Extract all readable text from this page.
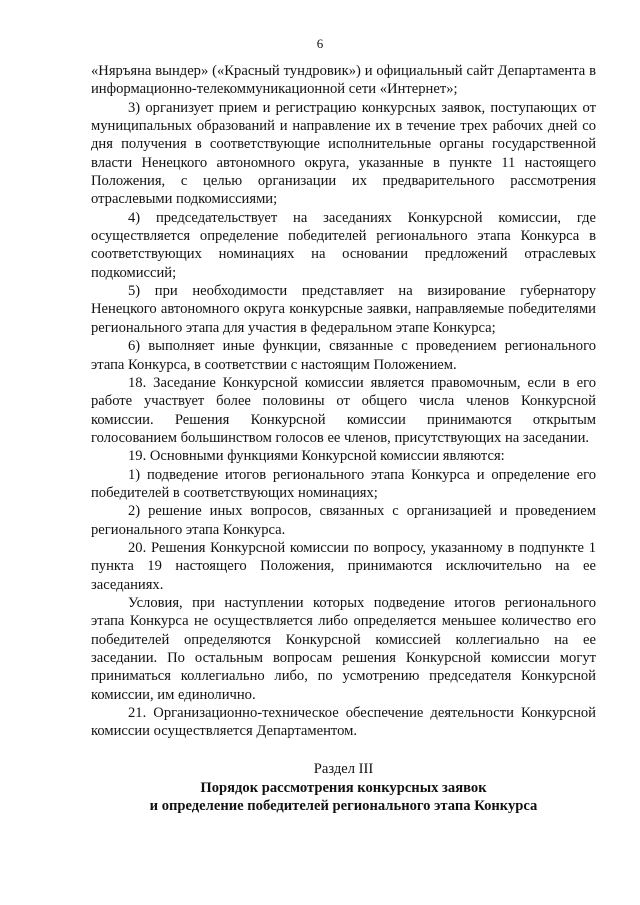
6

«Няръяна вындер» («Красный тундровик») и официальный сайт Департамента в информационно-телекоммуникационной сети «Интернет»;

3) организует прием и регистрацию конкурсных заявок, поступающих от муниципальных образований и направление их в течение трех рабочих дней со дня получения в соответствующие исполнительные органы государственной власти Ненецкого автономного округа, указанные в пункте 11 настоящего Положения, с целью организации их предварительного рассмотрения отраслевыми подкомиссиями;

4) председательствует на заседаниях Конкурсной комиссии, где осуществляется определение победителей регионального этапа Конкурса в соответствующих номинациях на основании предложений отраслевых подкомиссий;

5) при необходимости представляет на визирование губернатору Ненецкого автономного округа конкурсные заявки, направляемые победителями регионального этапа для участия в федеральном этапе Конкурса;

6) выполняет иные функции, связанные с проведением регионального этапа Конкурса, в соответствии с настоящим Положением.

18. Заседание Конкурсной комиссии является правомочным, если в его работе участвует более половины от общего числа членов Конкурсной комиссии. Решения Конкурсной комиссии принимаются открытым голосованием большинством голосов ее членов, присутствующих на заседании.

19. Основными функциями Конкурсной комиссии являются:

1) подведение итогов регионального этапа Конкурса и определение его победителей в соответствующих номинациях;

2) решение иных вопросов, связанных с организацией и проведением регионального этапа Конкурса.

20. Решения Конкурсной комиссии по вопросу, указанному в подпункте 1 пункта 19 настоящего Положения, принимаются исключительно на ее заседаниях.

Условия, при наступлении которых подведение итогов регионального этапа Конкурса не осуществляется либо определяется меньшее количество его победителей определяются Конкурсной комиссией коллегиально на ее заседании. По остальным вопросам решения Конкурсной комиссии могут приниматься коллегиально либо, по усмотрению председателя Конкурсной комиссии, им единолично.

21. Организационно-техническое обеспечение деятельности Конкурсной комиссии осуществляется Департаментом.

Раздел III

Порядок рассмотрения конкурсных заявок

и определение победителей регионального этапа Конкурса
